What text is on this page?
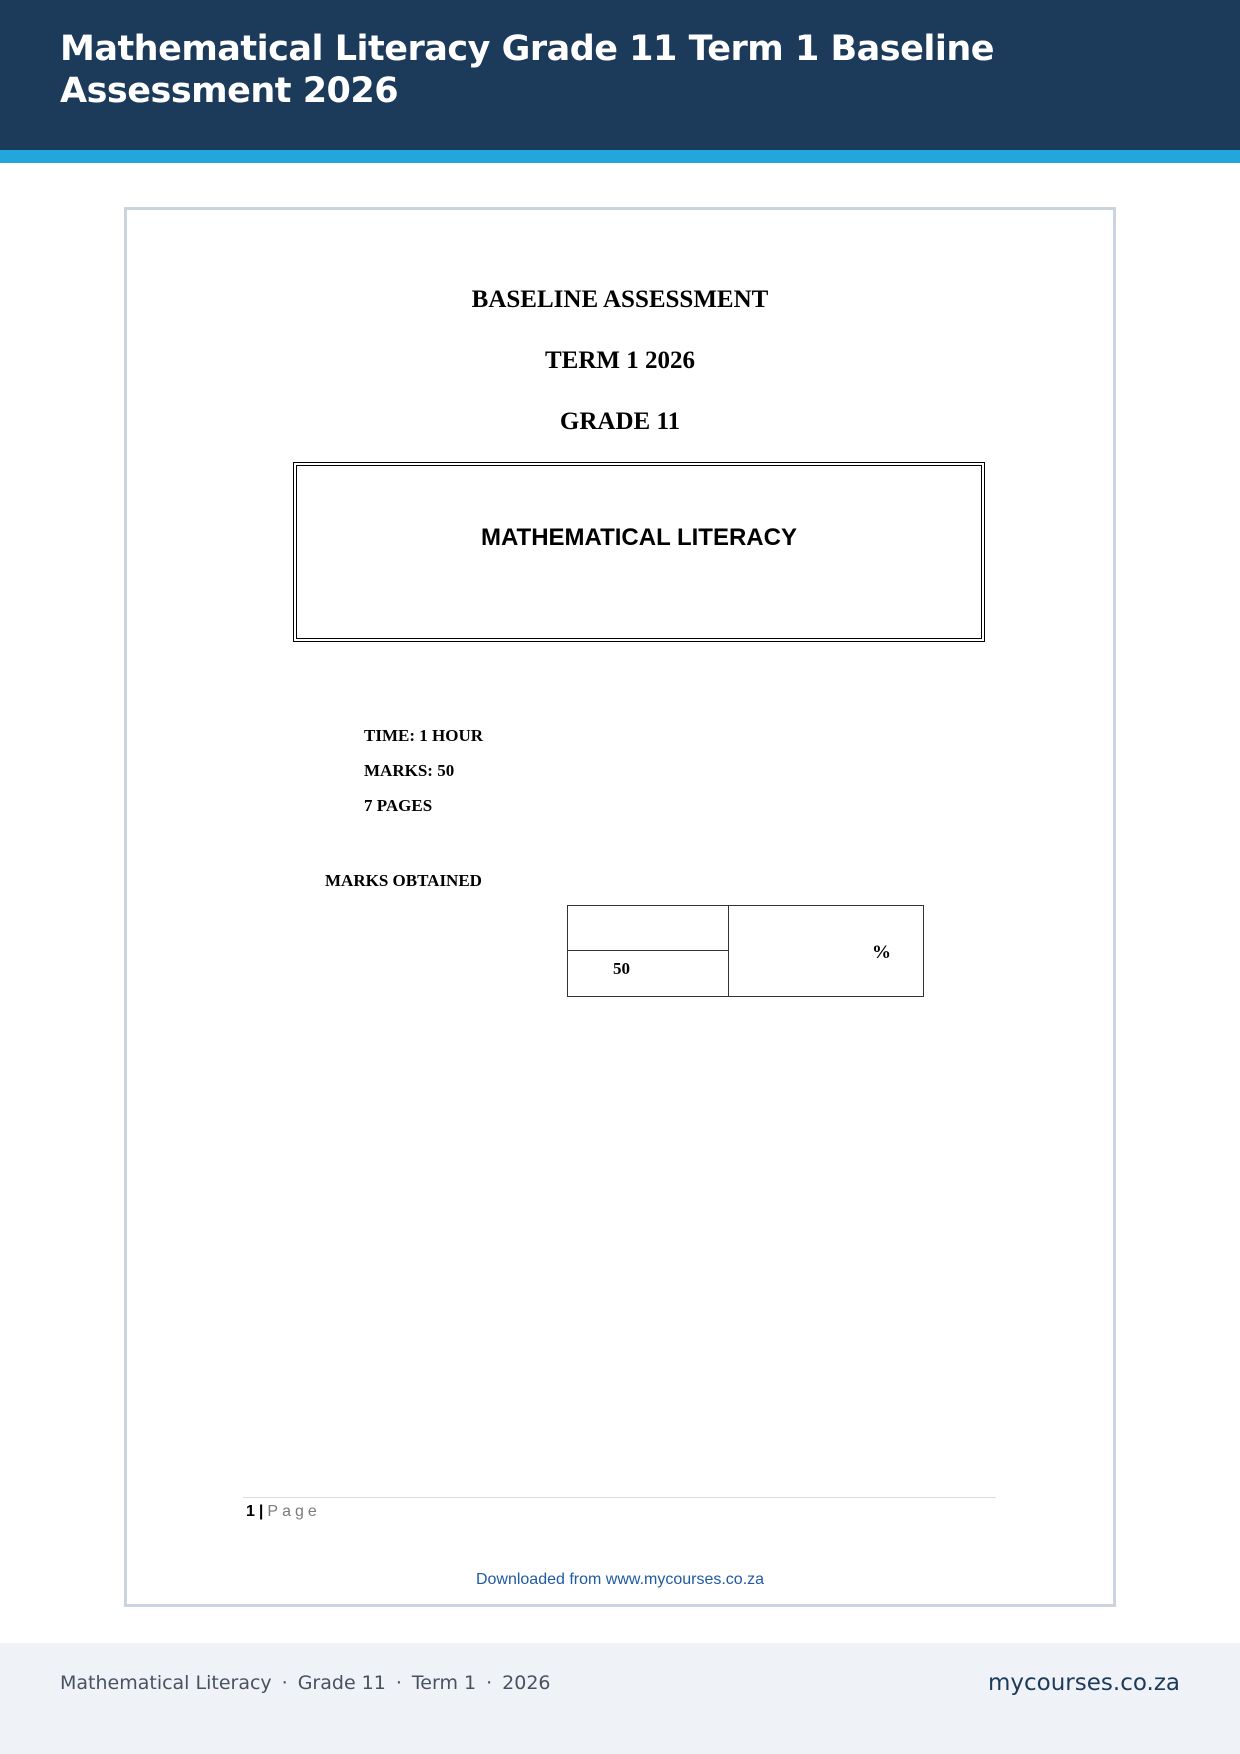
Mathematical Literacy Grade 11 Term 1 Baseline Assessment 2026
BASELINE ASSESSMENT
TERM 1 2026
GRADE 11
MATHEMATICAL LITERACY
TIME: 1 HOUR
MARKS: 50
7 PAGES
MARKS OBTAINED
50
%
1 | Page
Downloaded from www.mycourses.co.za
Mathematical Literacy · Grade 11 · Term 1 · 2026	mycourses.co.za
